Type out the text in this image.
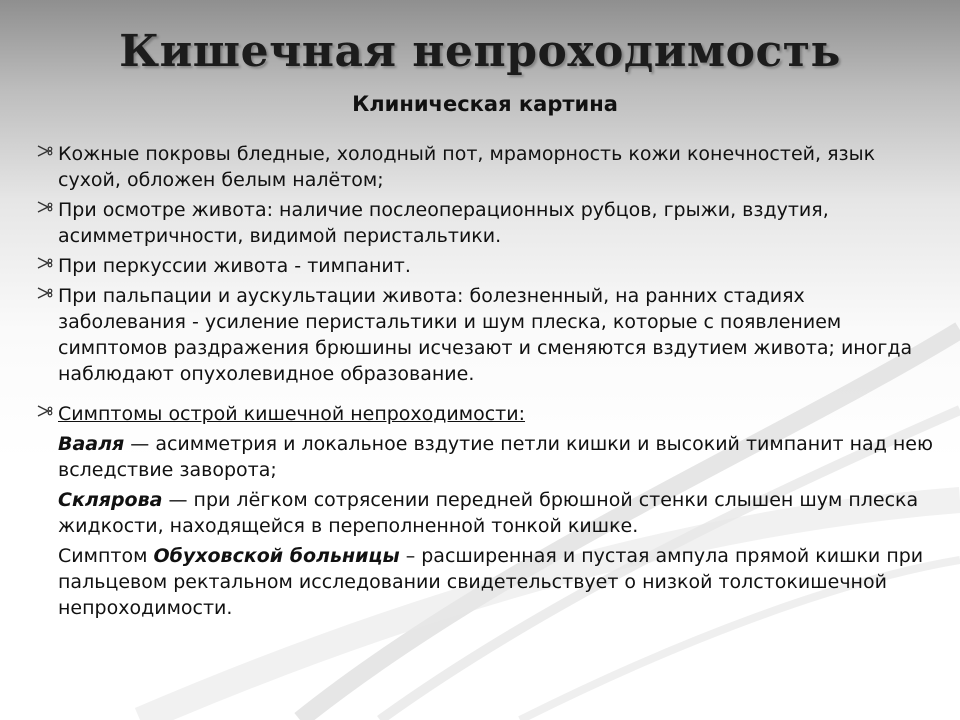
Кишечная непроходимость
Клиническая картина
Кожные покровы бледные, холодный пот, мраморность кожи конечностей, язык сухой, обложен белым налётом;
При осмотре живота: наличие послеоперационных рубцов, грыжи, вздутия, асимметричности, видимой перистальтики.
При перкуссии живота - тимпанит.
При пальпации и аускультации живота: болезненный, на ранних стадиях заболевания - усиление перистальтики и шум плеска, которые с появлением симптомов раздражения брюшины исчезают и сменяются вздутием живота; иногда наблюдают опухолевидное образование.
Симптомы острой кишечной непроходимости:
Ваaля — асимметрия и локальное вздутие петли кишки и высокий тимпанит над нею вследствие заворота;
Склярова — при лёгком сотрясении передней брюшной стенки слышен шум плеска жидкости, находящейся в переполненной тонкой кишке.
Симптом Обуховской больницы – расширенная и пустая ампула прямой кишки при пальцевом ректальном исследовании свидетельствует о низкой толстокишечной непроходимости.
